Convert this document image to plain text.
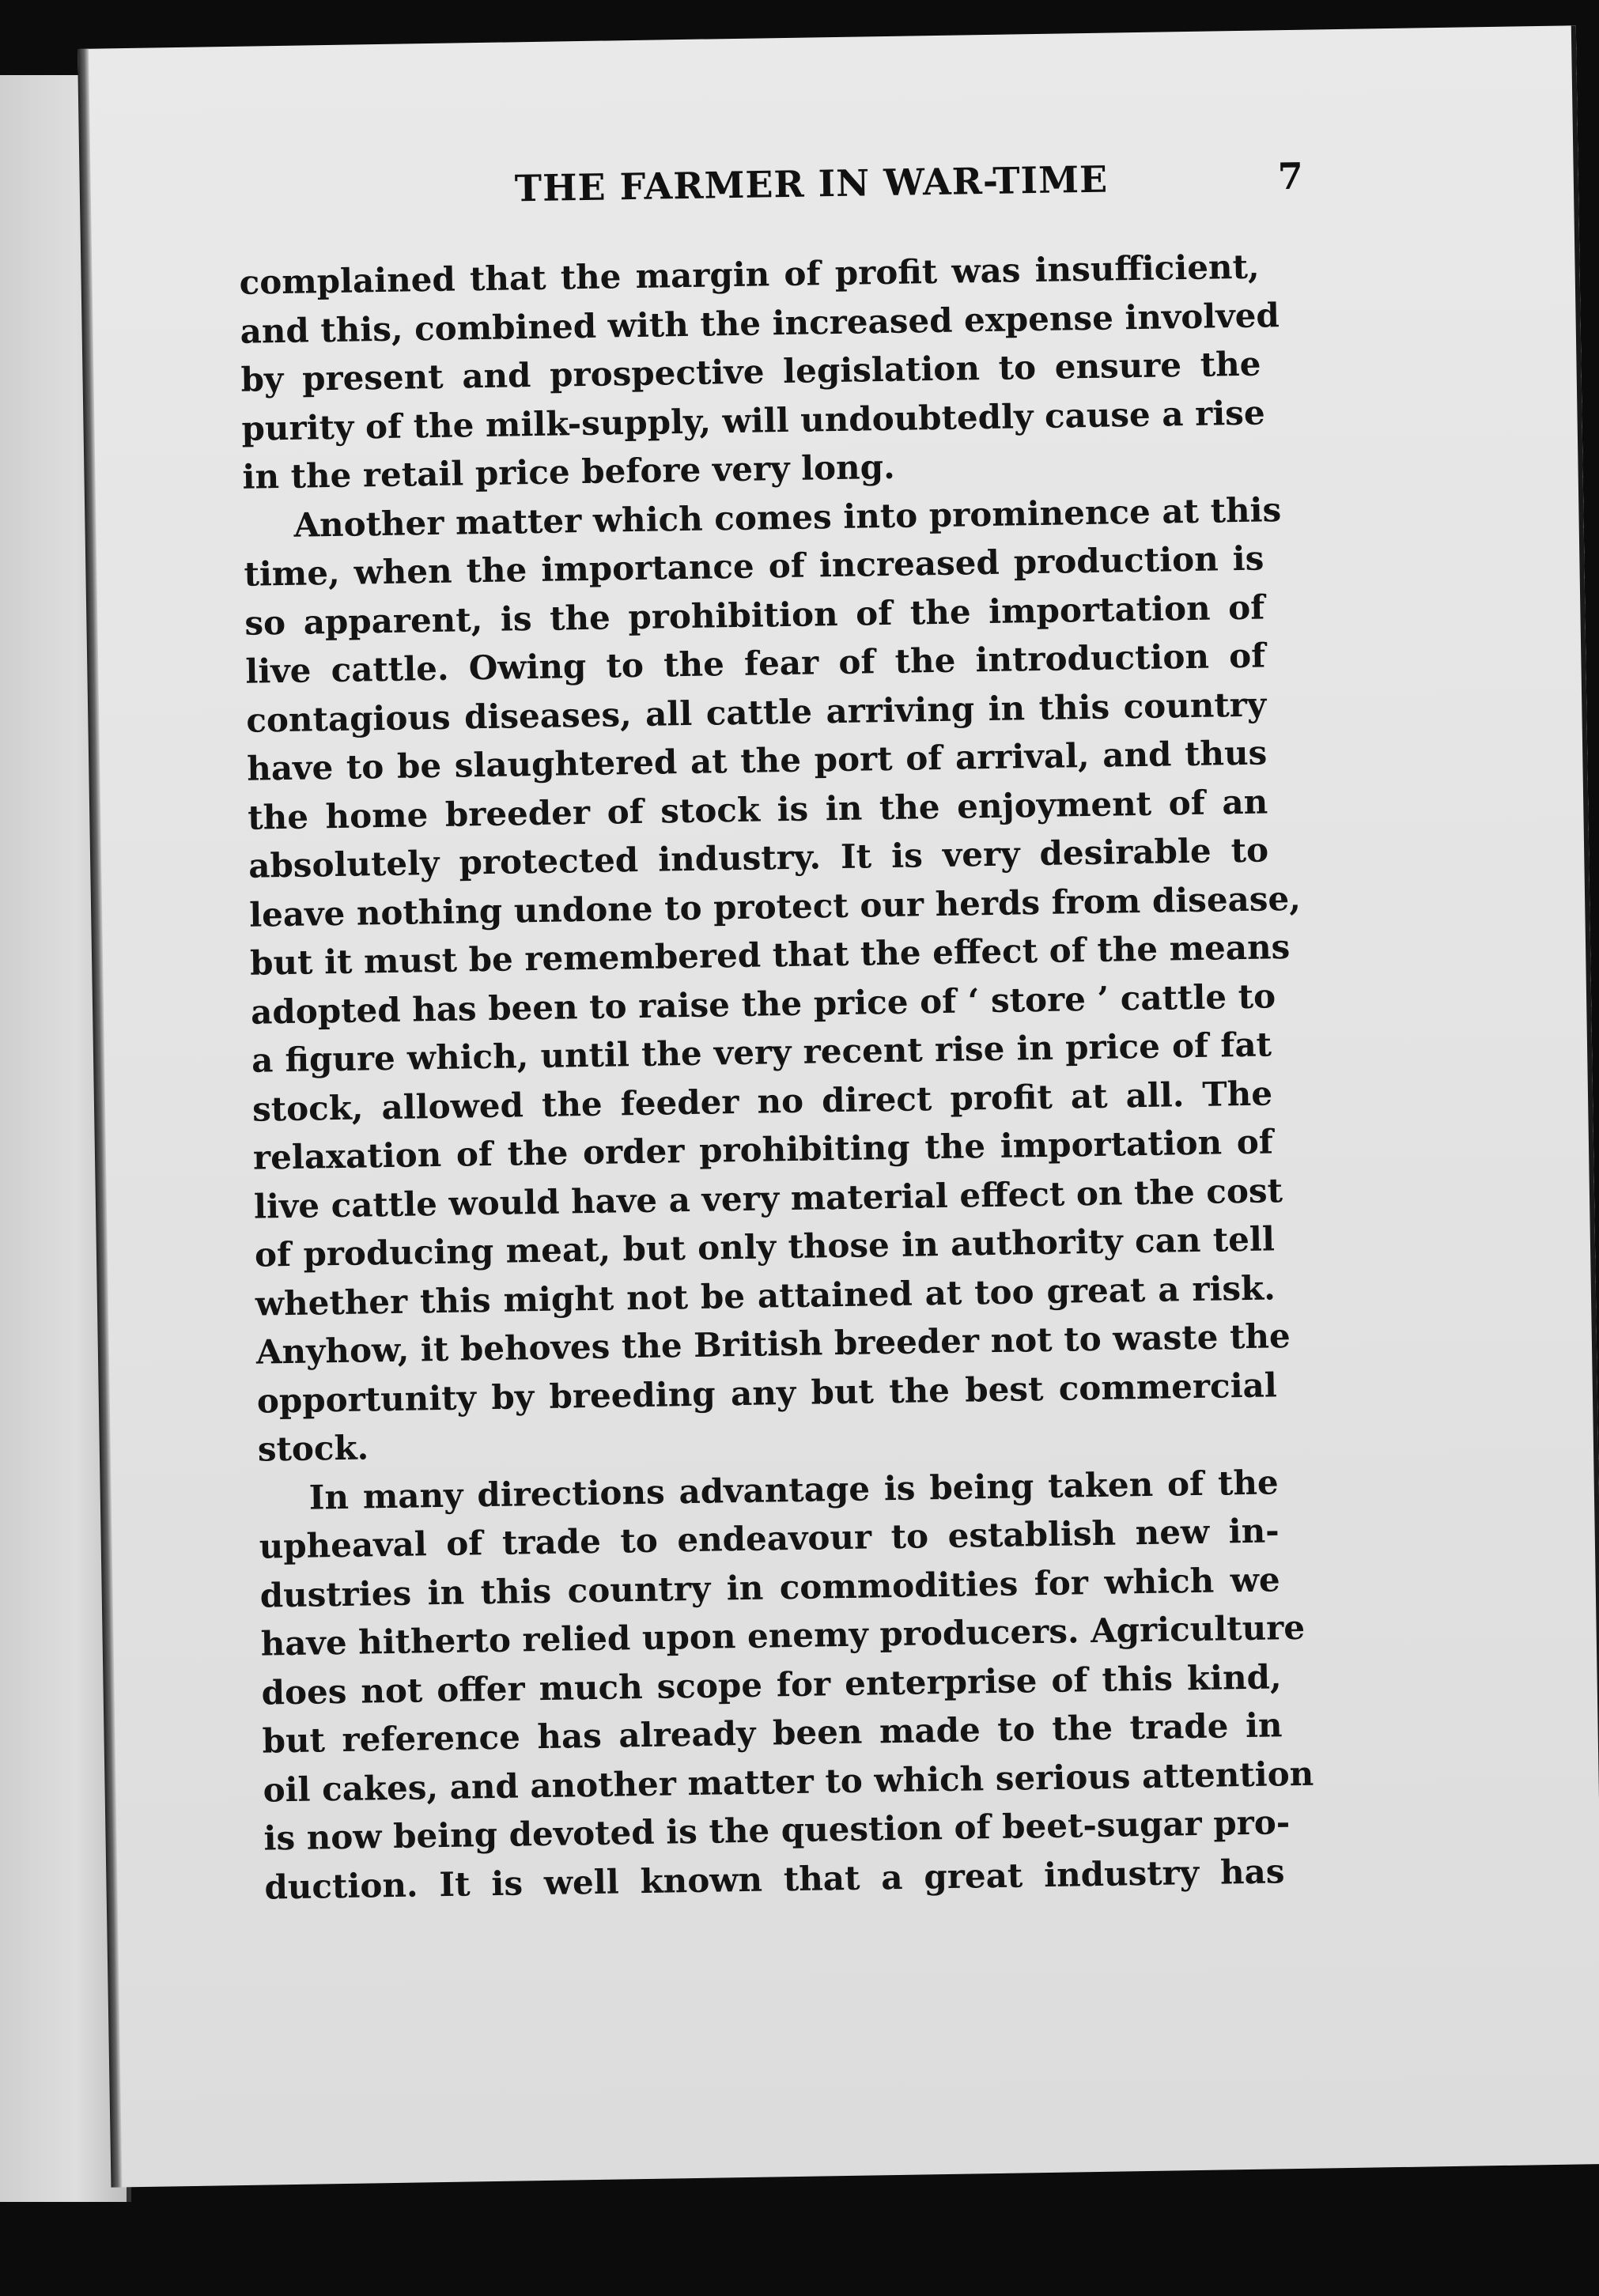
THE FARMER IN WAR-TIME	7
complained that the margin of profit was insufficient,
and this, combined with the increased expense involved
by present and prospective legislation to ensure the
purity of the milk-supply, will undoubtedly cause a rise
in the retail price before very long.
Another matter which comes into prominence at this
time, when the importance of increased production is
so apparent, is the prohibition of the importation of
live cattle. Owing to the fear of the introduction of
contagious diseases, all cattle arriving in this country
have to be slaughtered at the port of arrival, and thus
the home breeder of stock is in the enjoyment of an
absolutely protected industry. It is very desirable to
leave nothing undone to protect our herds from disease,
but it must be remembered that the effect of the means
adopted has been to raise the price of ‘ store ’ cattle to
a figure which, until the very recent rise in price of fat
stock, allowed the feeder no direct profit at all. The
relaxation of the order prohibiting the importation of
live cattle would have a very material effect on the cost
of producing meat, but only those in authority can tell
whether this might not be attained at too great a risk.
Anyhow, it behoves the British breeder not to waste the
opportunity by breeding any but the best commercial
stock.
In many directions advantage is being taken of the
upheaval of trade to endeavour to establish new in-
dustries in this country in commodities for which we
have hitherto relied upon enemy producers. Agriculture
does not offer much scope for enterprise of this kind,
but reference has already been made to the trade in
oil cakes, and another matter to which serious attention
is now being devoted is the question of beet-sugar pro-
duction. It is well known that a great industry has
